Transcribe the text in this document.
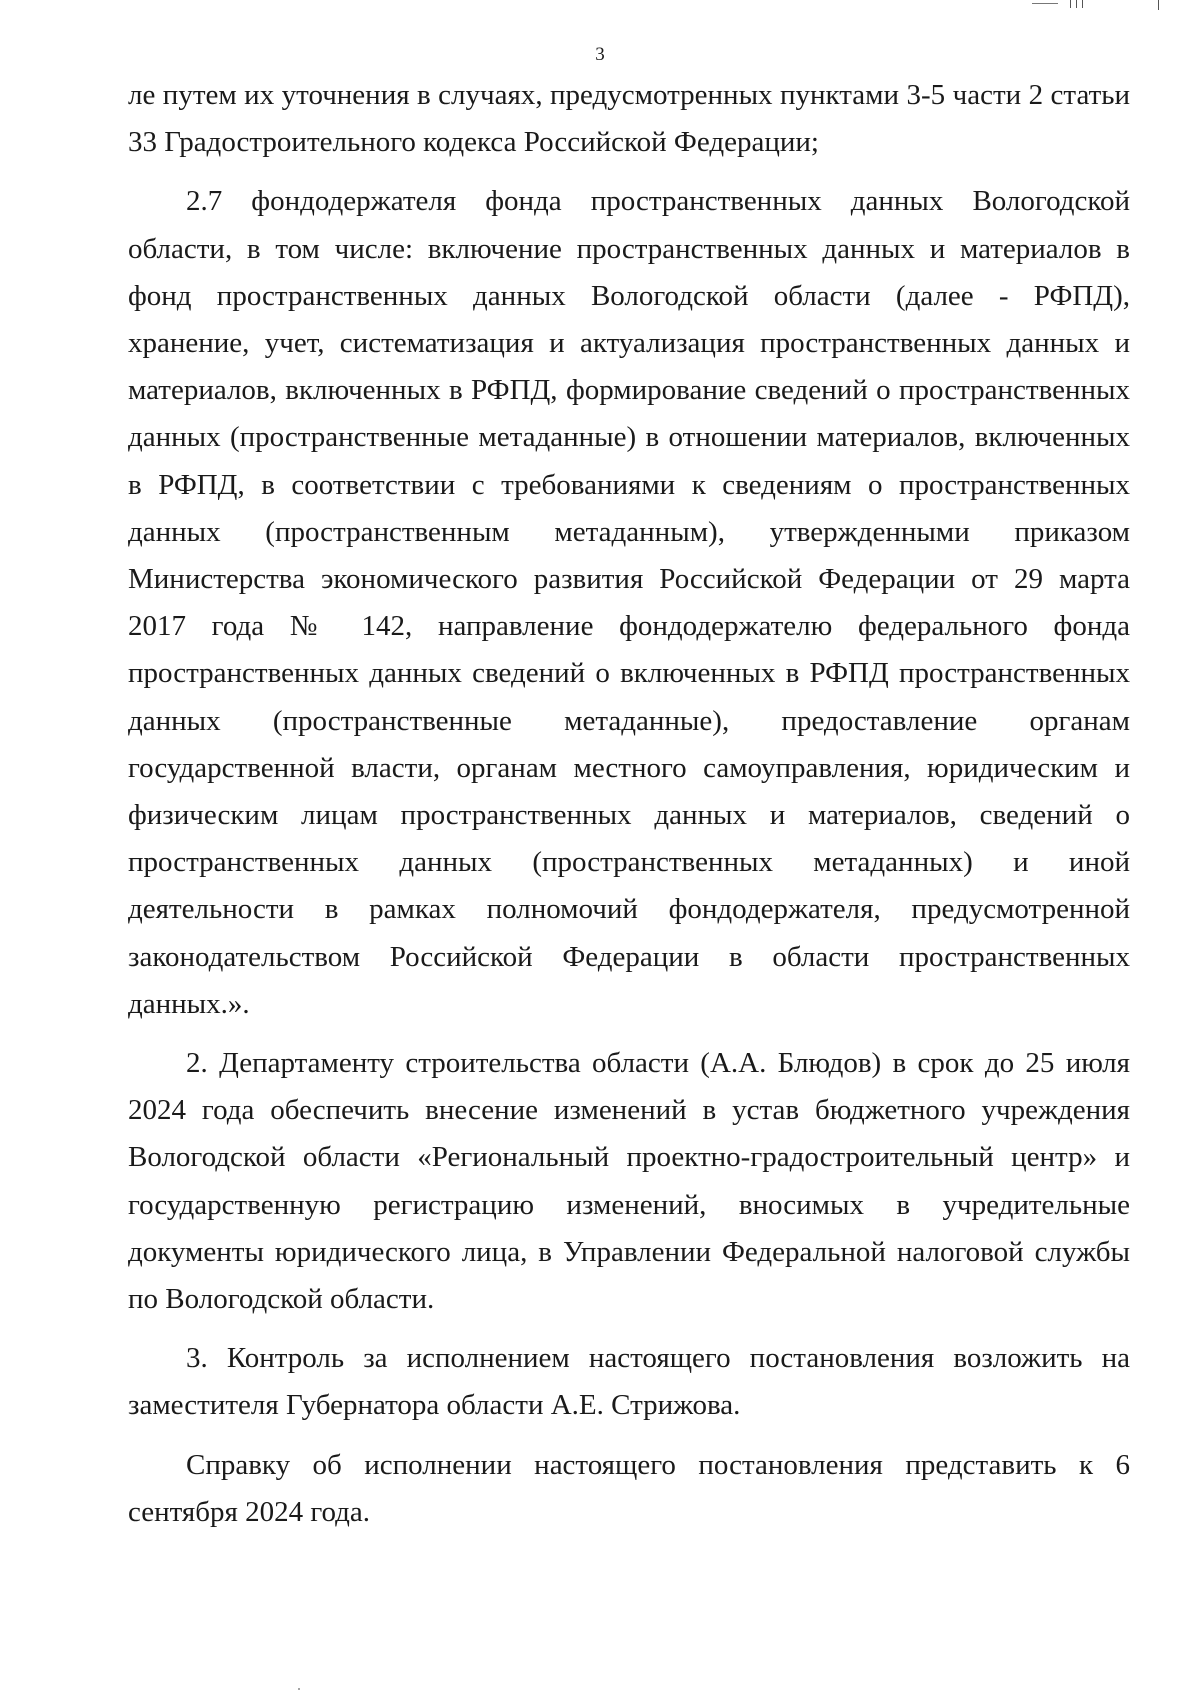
3

ле путем их уточнения в случаях, предусмотренных пунктами 3-5 части 2 статьи 33 Градостроительного кодекса Российской Федерации;

2.7 фондодержателя фонда пространственных данных Вологодской области, в том числе: включение пространственных данных и материалов в фонд пространственных данных Вологодской области (далее - РФПД), хранение, учет, систематизация и актуализация пространственных данных и материалов, включенных в РФПД, формирование сведений о пространственных данных (пространственные метаданные) в отношении материалов, включенных в РФПД, в соответствии с требованиями к сведениям о пространственных данных (пространственным метаданным), утвержденными приказом Министерства экономического развития Российской Федерации от 29 марта 2017 года № 142, направление фондодержателю федерального фонда пространственных данных сведений о включенных в РФПД пространственных данных (пространственные метаданные), предоставление органам государственной власти, органам местного самоуправления, юридическим и физическим лицам пространственных данных и материалов, сведений о пространственных данных (пространственных метаданных) и иной деятельности в рамках полномочий фондодержателя, предусмотренной законодательством Российской Федерации в области пространственных данных.».

2. Департаменту строительства области (А.А. Блюдов) в срок до 25 июля 2024 года обеспечить внесение изменений в устав бюджетного учреждения Вологодской области «Региональный проектно-градостроительный центр» и государственную регистрацию изменений, вносимых в учредительные документы юридического лица, в Управлении Федеральной налоговой службы по Вологодской области.

3. Контроль за исполнением настоящего постановления возложить на заместителя Губернатора области А.Е. Стрижова.

Справку об исполнении настоящего постановления представить к 6 сентября 2024 года.
